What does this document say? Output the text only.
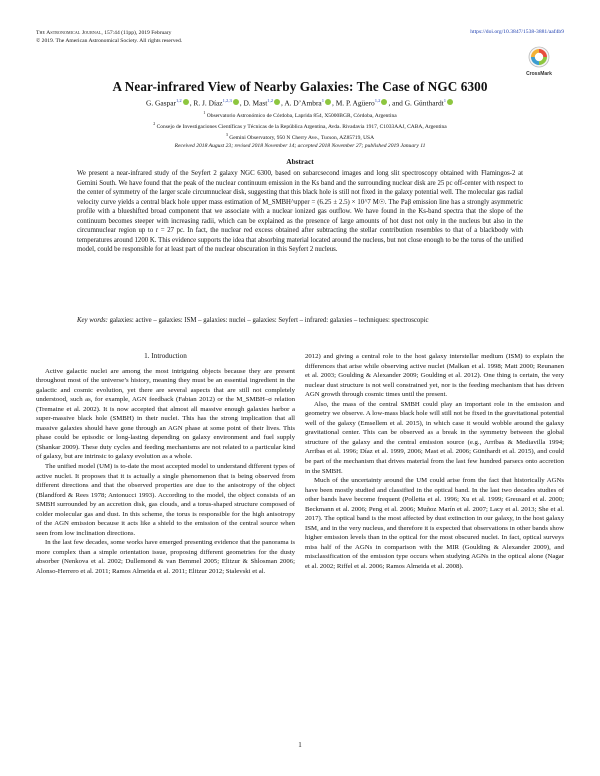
The Astronomical Journal, 157:44 (11pp), 2019 February
© 2019. The American Astronomical Society. All rights reserved.
https://doi.org/10.3847/1538-3881/aaf4b9
CrossMark
A Near-infrared View of Nearby Galaxies: The Case of NGC 6300
G. Gaspar$^{1,2}$ , R. J. Díaz$^{1,2,3}$ , D. Mast$^{1,2}$ , A. D’Ambra$^1$ , M. P. Agüero$^{1,2}$ , and G. Günthardt$^1$
$^1$ Observatorio Astronómico de Córdoba, Laprida 854, X5000BGR, Córdoba, Argentina
$^2$ Consejo de Investigaciones Científicas y Técnicas de la República Argentina, Avda. Rivadavia 1917, C1033AAJ, CABA, Argentina
$^3$ Gemini Observatory, 950 N Cherry Ave., Tucson, AZ85719, USA
Received 2018 August 23; revised 2018 November 14; accepted 2018 November 27; published 2019 January 11
Abstract
We present a near-infrared study of the Seyfert 2 galaxy NGC 6300, based on subarcsecond images and long slit spectroscopy obtained with Flamingos-2 at Gemini South. We have found that the peak of the nuclear continuum emission in the Ks band and the surrounding nuclear disk are 25 pc off-center with respect to the center of symmetry of the larger scale circumnuclear disk, suggesting that this black hole is still not fixed in the galaxy potential well. The molecular gas radial velocity curve yields a central black hole upper mass estimation of M_SMBH^upper = (6.25 ± 2.5) × 10^7 M☉. The Paβ emission line has a strongly asymmetric profile with a blueshifted broad component that we associate with a nuclear ionized gas outflow. We have found in the Ks-band spectra that the slope of the continuum becomes steeper with increasing radii, which can be explained as the presence of large amounts of hot dust not only in the nucleus but also in the circumnuclear region up to r = 27 pc. In fact, the nuclear red excess obtained after subtracting the stellar contribution resembles to that of a blackbody with temperatures around 1200 K. This evidence supports the idea that absorbing material located around the nucleus, but not close enough to be the torus of the unified model, could be responsible for at least part of the nuclear obscuration in this Seyfert 2 nucleus.
Key words: galaxies: active – galaxies: ISM – galaxies: nuclei – galaxies: Seyfert – infrared: galaxies – techniques: spectroscopic
1. Introduction

Active galactic nuclei are among the most intriguing objects because they are present throughout most of the universe’s history, meaning they must be an essential ingredient in the galactic and cosmic evolution, yet there are several aspects that are still not completely understood, such as, for example, AGN feedback (Fabian 2012) or the M_SMBH–σ relation (Tremaine et al. 2002). It is now accepted that almost all massive enough galaxies harbor a super-massive black hole (SMBH) in their nuclei. This has the strong implication that all massive galaxies should have gone through an AGN phase at some point of their lives. This phase could be episodic or long-lasting depending on galaxy environment and fuel supply (Shankar 2009). These duty cycles and feeding mechanisms are not related to a particular kind of galaxy, but are intrinsic to galaxy evolution as a whole.

The unified model (UM) is to-date the most accepted model to understand different types of active nuclei. It proposes that it is actually a single phenomenon that is being observed from different directions and that the observed properties are due to the anisotropy of the object (Blandford & Rees 1978; Antonucci 1993). According to the model, the object consists of an SMBH surrounded by an accretion disk, gas clouds, and a torus-shaped structure composed of colder molecular gas and dust. In this scheme, the torus is responsible for the high anisotropy of the AGN emission because it acts like a shield to the emission of the central source when seen from low inclination directions.

In the last few decades, some works have emerged presenting evidence that the panorama is more complex than a simple orientation issue, proposing different geometries for the dusty absorber (Nenkova et al. 2002; Dullemond & van Bemmel 2005; Elitzur & Shlosman 2006; Alonso-Herrero et al. 2011; Ramos Almeida et al. 2011; Elitzur 2012; Stalevski et al.

2012) and giving a central role to the host galaxy interstellar medium (ISM) to explain the differences that arise while observing active nuclei (Malkan et al. 1998; Matt 2000; Reunanen et al. 2003; Goulding & Alexander 2009; Goulding et al. 2012). One thing is certain, the very nuclear dust structure is not well constrained yet, nor is the feeding mechanism that has driven AGN growth through cosmic times until the present.

Also, the mass of the central SMBH could play an important role in the emission and geometry we observe. A low-mass black hole will still not be fixed in the gravitational potential well of the galaxy (Emsellem et al. 2015), in which case it would wobble around the galaxy gravitational center. This can be observed as a break in the symmetry between the global structure of the galaxy and the central emission source (e.g., Arribas & Mediavilla 1994; Arribas et al. 1996; Díaz et al. 1999, 2006; Mast et al. 2006; Günthardt et al. 2015), and could be part of the mechanism that drives material from the last few hundred parsecs onto accretion in the SMBH.

Much of the uncertainty around the UM could arise from the fact that historically AGNs have been mostly studied and classified in the optical band. In the last two decades studies of other bands have become frequent (Polletta et al. 1996; Xu et al. 1999; Greusard et al. 2000; Beckmann et al. 2006; Peng et al. 2006; Muñoz Marín et al. 2007; Lacy et al. 2013; She et al. 2017). The optical band is the most affected by dust extinction in our galaxy, in the host galaxy ISM, and in the very nucleus, and therefore it is expected that observations in other bands show higher emission levels than in the optical for the most obscured nuclei. In fact, optical surveys miss half of the AGNs in comparison with the MIR (Goulding & Alexander 2009), and misclassification of the emission type occurs when studying AGNs in the optical alone (Nagar et al. 2002; Riffel et al. 2006; Ramos Almeida et al. 2008).

1
